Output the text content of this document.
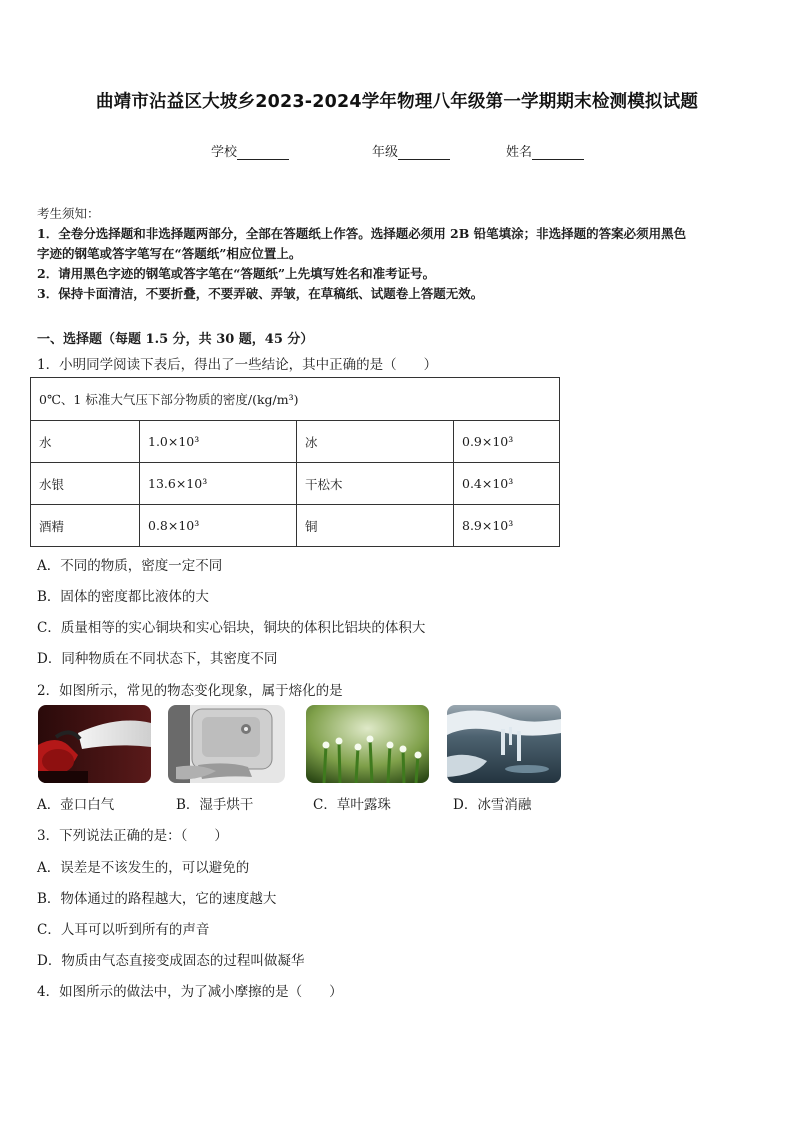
曲靖市沾益区大坡乡2023-2024学年物理八年级第一学期期末检测模拟试题
学校	年级	姓名
考生须知：
1．全卷分选择题和非选择题两部分，全部在答题纸上作答。选择题必须用 2B 铅笔填涂；非选择题的答案必须用黑色
字迹的钢笔或答字笔写在“答题纸”相应位置上。
2．请用黑色字迹的钢笔或答字笔在“答题纸”上先填写姓名和准考证号。
3．保持卡面清洁，不要折叠，不要弄破、弄皱，在草稿纸、试题卷上答题无效。
一、选择题（每题 1.5 分，共 30 题，45 分）
1．小明同学阅读下表后，得出了一些结论，其中正确的是（　　）
0℃、1 标准大气压下部分物质的密度/(kg/m³)			
水	1.0×10³	冰	0.9×10³
水银	13.6×10³	干松木	0.4×10³
酒精	0.8×10³	铜	8.9×10³
A．不同的物质，密度一定不同
B．固体的密度都比液体的大
C．质量相等的实心铜块和实心铝块，铜块的体积比铝块的体积大
D．同种物质在不同状态下，其密度不同
2．如图所示，常见的物态变化现象，属于熔化的是
A．壶口白气	B．湿手烘干	C．草叶露珠	D．冰雪消融
3．下列说法正确的是：（　　）
A．误差是不该发生的，可以避免的
B．物体通过的路程越大，它的速度越大
C．人耳可以听到所有的声音
D．物质由气态直接变成固态的过程叫做凝华
4．如图所示的做法中，为了减小摩擦的是（　　）
